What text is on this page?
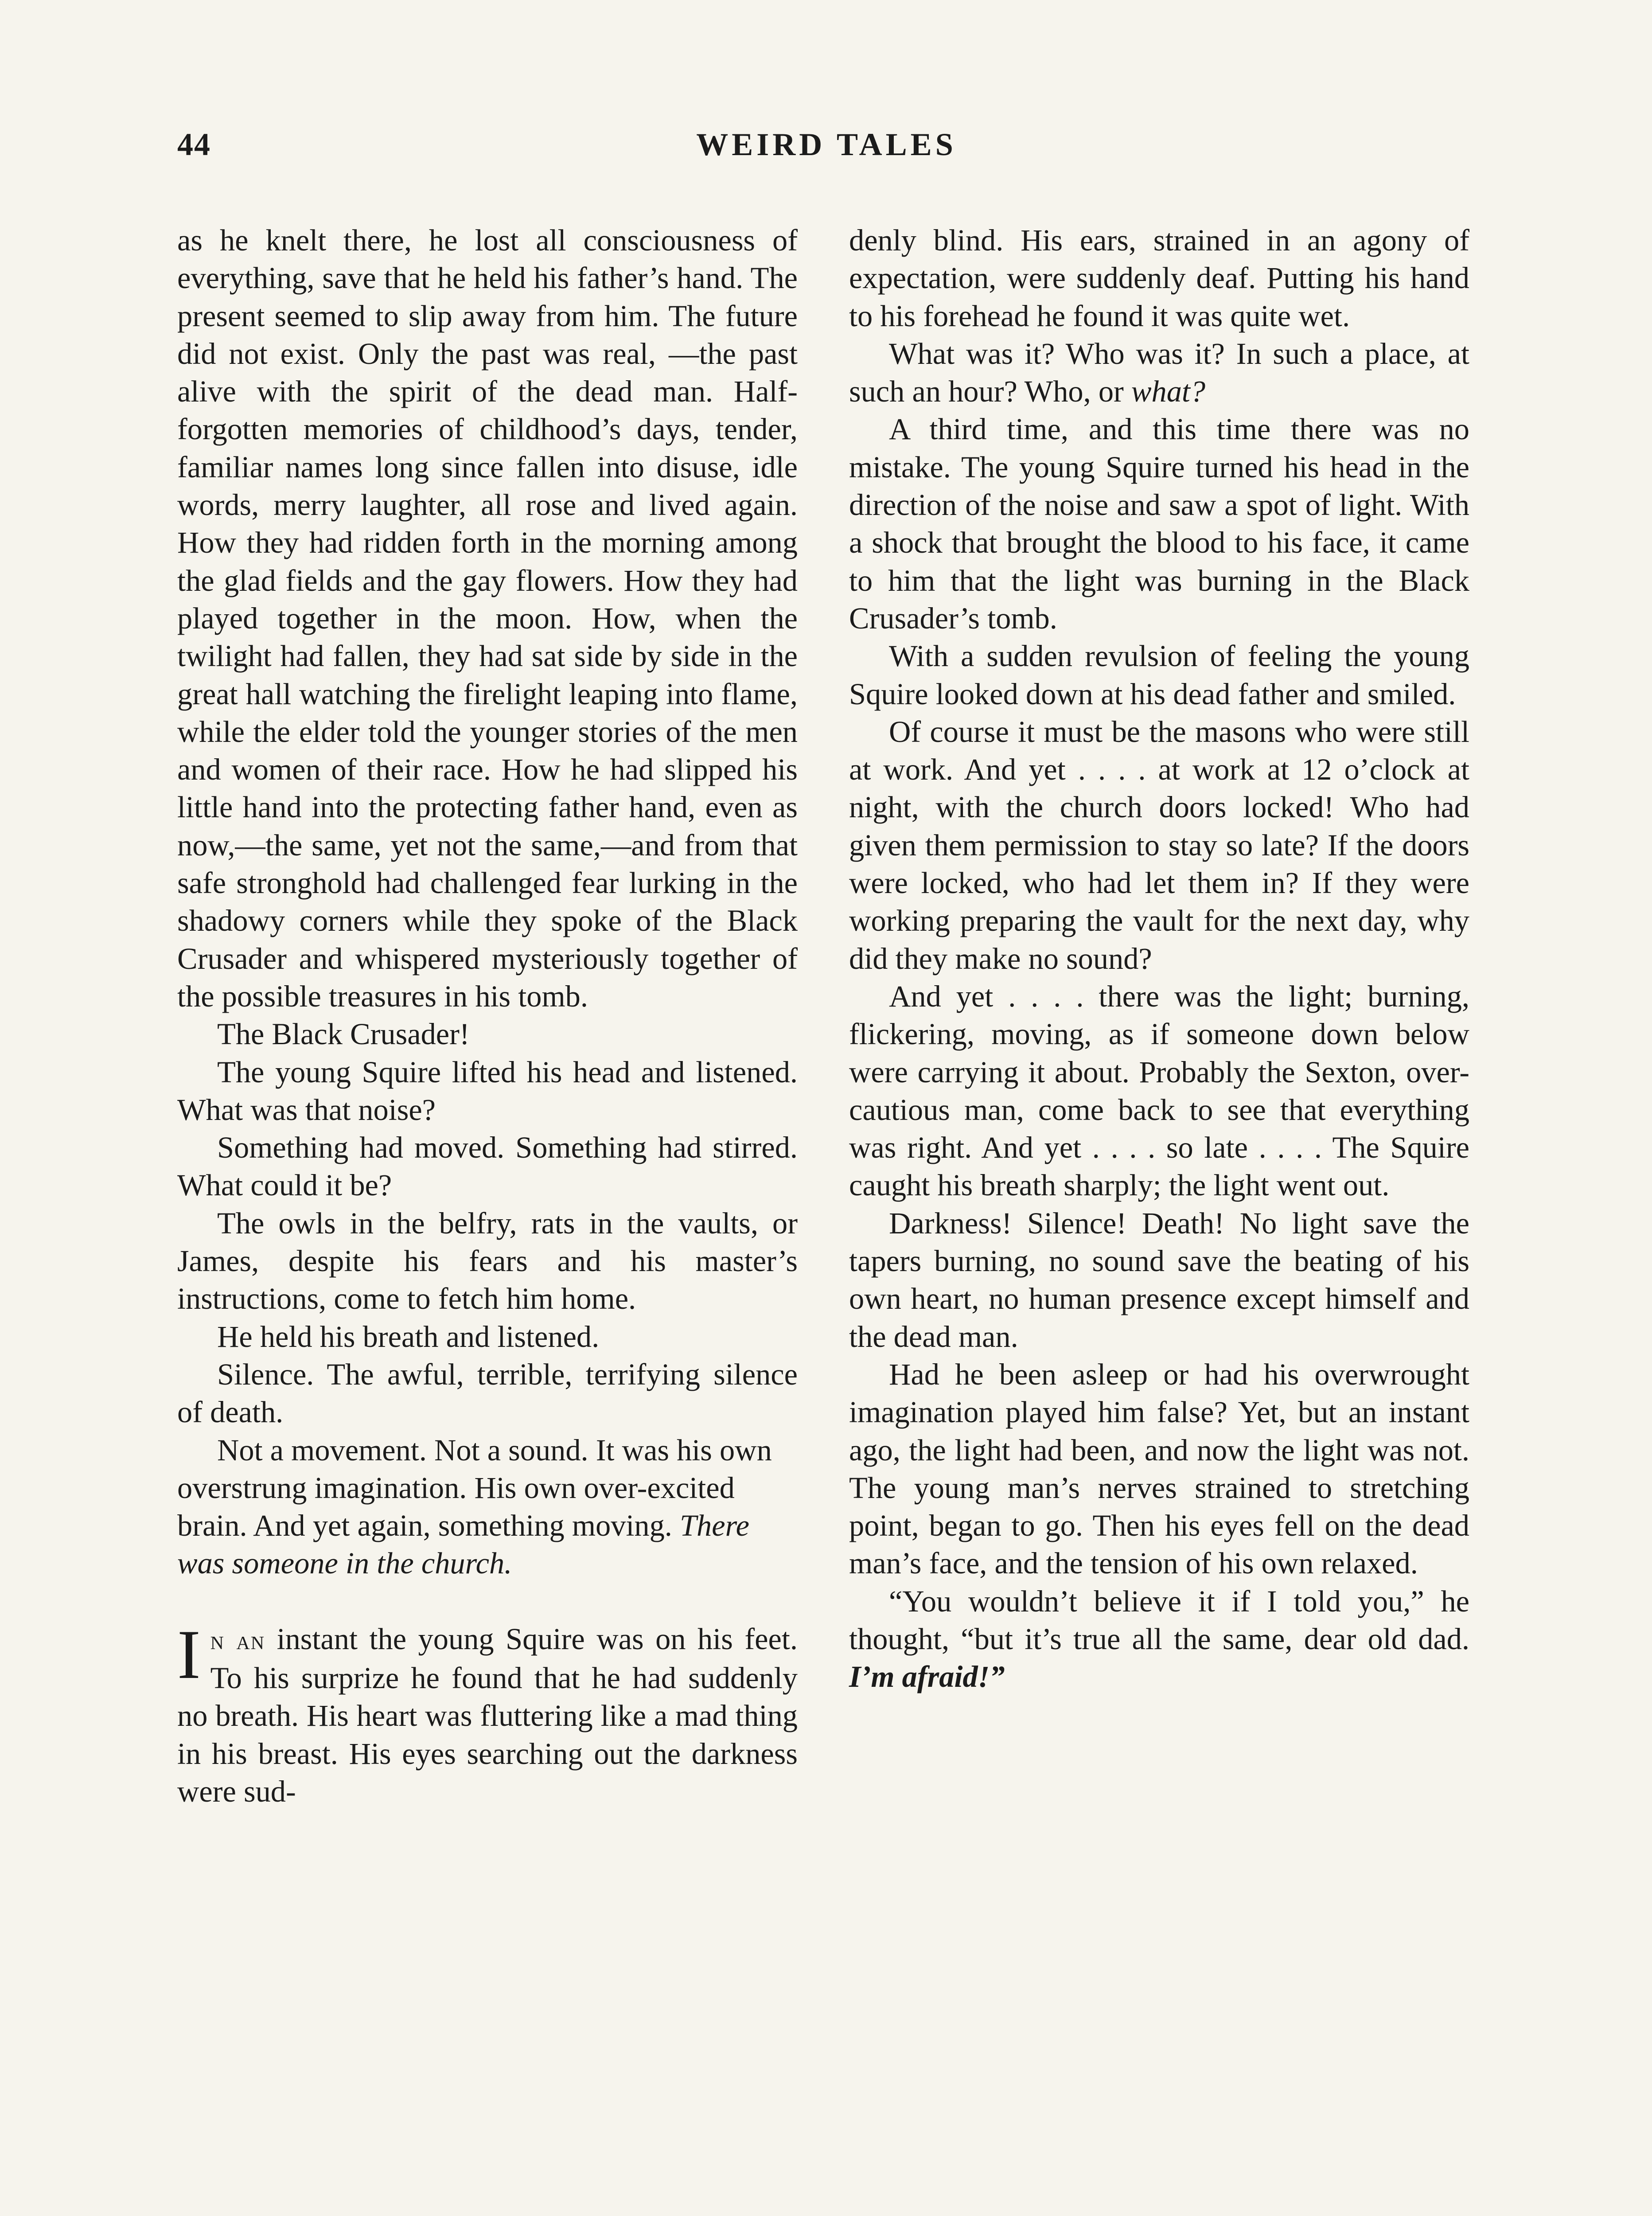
44	WEIRD TALES

as he knelt there, he lost all consciousness of everything, save that he held his father’s hand. The present seemed to slip away from him. The future did not exist. Only the past was real, —the past alive with the spirit of the dead man. Half-forgotten memories of childhood’s days, tender, familiar names long since fallen into disuse, idle words, merry laughter, all rose and lived again. How they had ridden forth in the morning among the glad fields and the gay flowers. How they had played together in the moon. How, when the twilight had fallen, they had sat side by side in the great hall watching the firelight leaping into flame, while the elder told the younger stories of the men and women of their race. How he had slipped his little hand into the protecting father hand, even as now,—the same, yet not the same,—and from that safe stronghold had challenged fear lurking in the shadowy corners while they spoke of the Black Crusader and whispered mysteriously together of the possible treasures in his tomb.

The Black Crusader!

The young Squire lifted his head and listened. What was that noise?

Something had moved. Something had stirred. What could it be?

The owls in the belfry, rats in the vaults, or James, despite his fears and his master’s instructions, come to fetch him home.

He held his breath and listened.

Silence. The awful, terrible, terrifying silence of death.

Not a movement. Not a sound. It was his own overstrung imagination. His own over-excited brain. And yet again, something moving. There was someone in the church.

In an instant the young Squire was on his feet. To his surprize he found that he had suddenly no breath. His heart was fluttering like a mad thing in his breast. His eyes searching out the darkness were sud-

denly blind. His ears, strained in an agony of expectation, were suddenly deaf. Putting his hand to his forehead he found it was quite wet.

What was it? Who was it? In such a place, at such an hour? Who, or what?

A third time, and this time there was no mistake. The young Squire turned his head in the direction of the noise and saw a spot of light. With a shock that brought the blood to his face, it came to him that the light was burning in the Black Crusader’s tomb.

With a sudden revulsion of feeling the young Squire looked down at his dead father and smiled.

Of course it must be the masons who were still at work. And yet . . . . at work at 12 o’clock at night, with the church doors locked! Who had given them permission to stay so late? If the doors were locked, who had let them in? If they were working preparing the vault for the next day, why did they make no sound?

And yet . . . . there was the light; burning, flickering, moving, as if someone down below were carrying it about. Probably the Sexton, over-cautious man, come back to see that everything was right. And yet . . . . so late . . . . The Squire caught his breath sharply; the light went out.

Darkness! Silence! Death! No light save the tapers burning, no sound save the beating of his own heart, no human presence except himself and the dead man.

Had he been asleep or had his overwrought imagination played him false? Yet, but an instant ago, the light had been, and now the light was not. The young man’s nerves strained to stretching point, began to go. Then his eyes fell on the dead man’s face, and the tension of his own relaxed.

“You wouldn’t believe it if I told you,” he thought, “but it’s true all the same, dear old dad. I’m afraid!”
